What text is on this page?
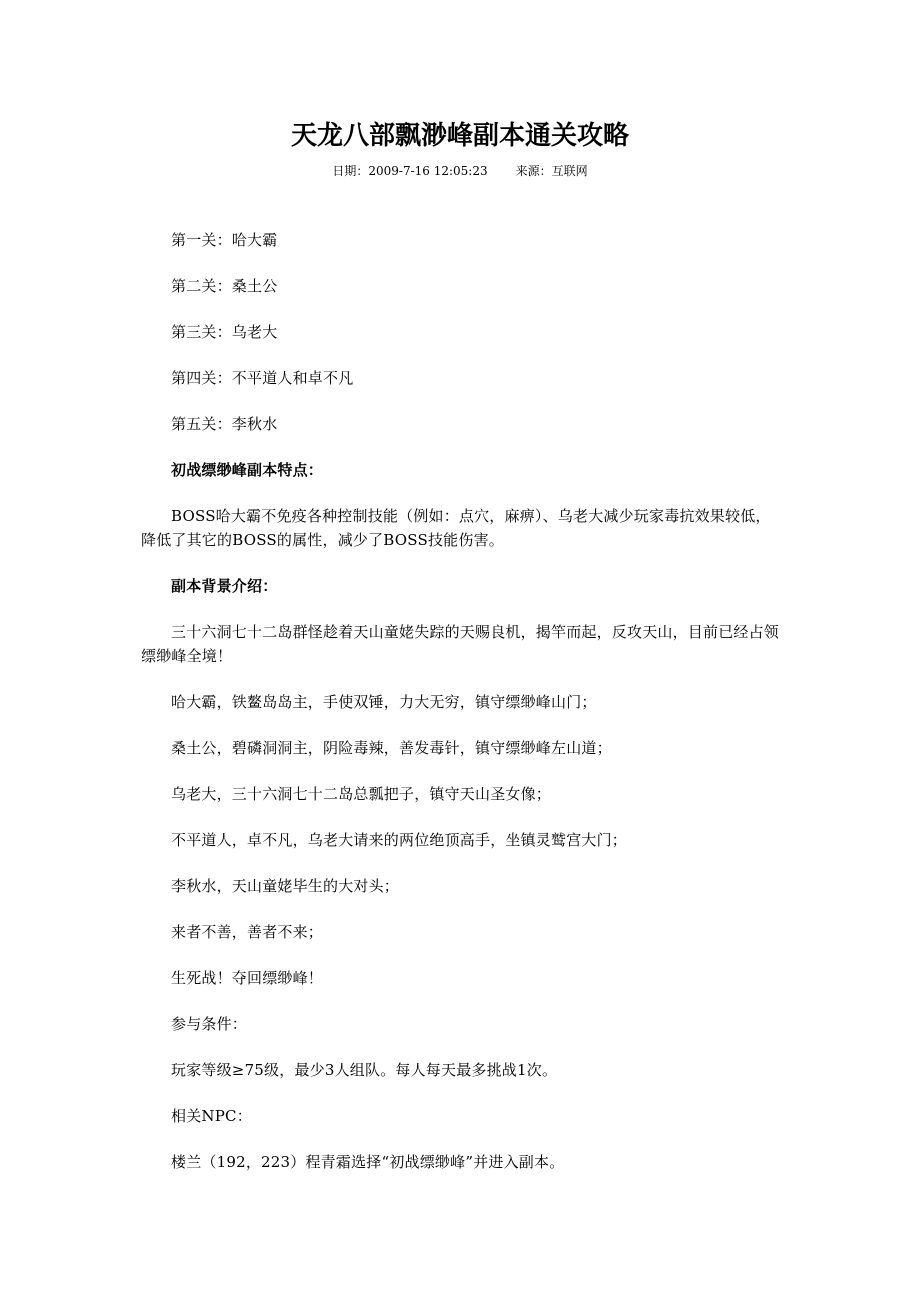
天龙八部飘渺峰副本通关攻略
日期：2009-7-16 12:05:23 来源：互联网

第一关：哈大霸

第二关：桑土公

第三关：乌老大

第四关：不平道人和卓不凡

第五关：李秋水

初战缥缈峰副本特点：

BOSS哈大霸不免疫各种控制技能（例如：点穴，麻痹）、乌老大减少玩家毒抗效果较低，降低了其它的BOSS的属性，减少了BOSS技能伤害。

副本背景介绍：

三十六洞七十二岛群怪趁着天山童姥失踪的天赐良机，揭竿而起，反攻天山，目前已经占领缥缈峰全境！

哈大霸，铁鳌岛岛主，手使双锤，力大无穷，镇守缥缈峰山门；

桑土公，碧磷洞洞主，阴险毒辣，善发毒针，镇守缥缈峰左山道；

乌老大，三十六洞七十二岛总瓢把子，镇守天山圣女像；

不平道人，卓不凡，乌老大请来的两位绝顶高手，坐镇灵鹫宫大门；

李秋水，天山童姥毕生的大对头；

来者不善，善者不来；

生死战！夺回缥缈峰！

参与条件：

玩家等级≥75级，最少3人组队。每人每天最多挑战1次。

相关NPC：

楼兰（192，223）程青霜选择“初战缥缈峰”并进入副本。
